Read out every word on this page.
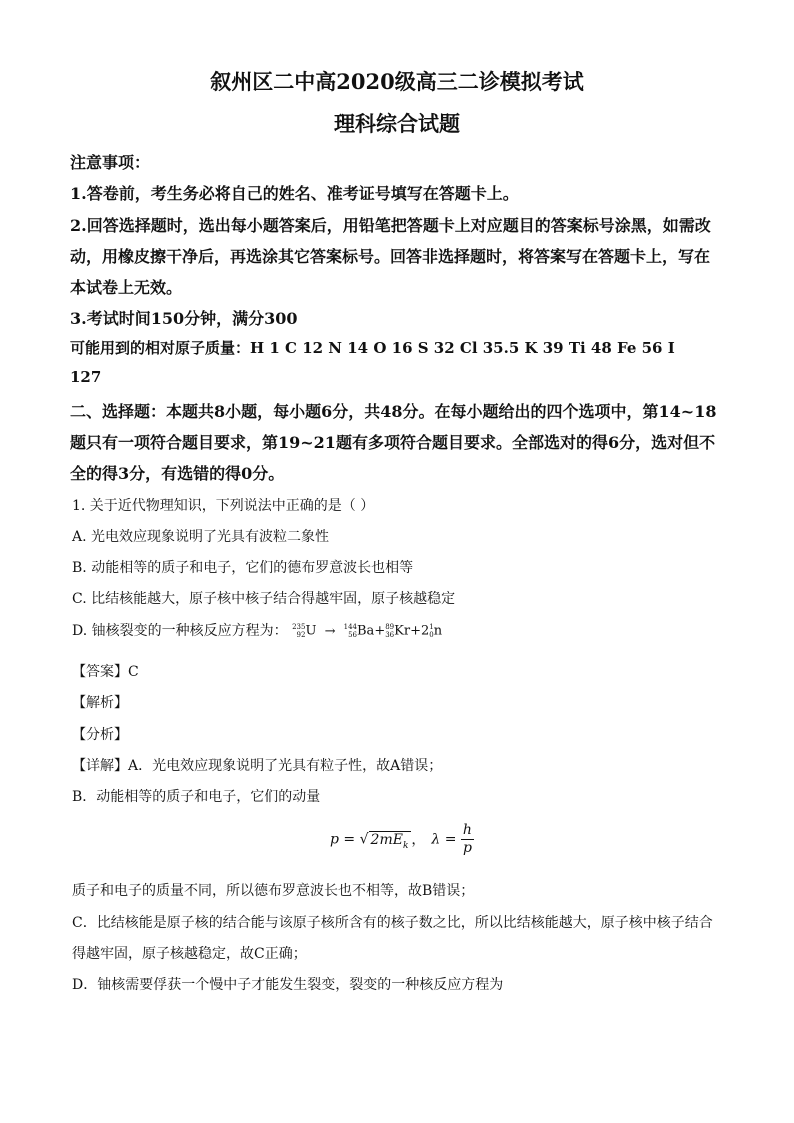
叙州区二中高2020级高三二诊模拟考试
理科综合试题
注意事项：
1.答卷前，考生务必将自己的姓名、准考证号填写在答题卡上。
2.回答选择题时，选出每小题答案后，用铅笔把答题卡上对应题目的答案标号涂黑，如需改
动，用橡皮擦干净后，再选涂其它答案标号。回答非选择题时，将答案写在答题卡上，写在
本试卷上无效。
3.考试时间150分钟，满分300
可能用到的相对原子质量：H 1 C 12 N 14 O 16 S 32 Cl 35.5 K 39 Ti 48 Fe 56 I
127
二、选择题：本题共8小题，每小题6分，共48分。在每小题给出的四个选项中，第14~18
题只有一项符合题目要求，第19~21题有多项符合题目要求。全部选对的得6分，选对但不
全的得3分，有选错的得0分。
1. 关于近代物理知识，下列说法中正确的是（ ）
A. 光电效应现象说明了光具有波粒二象性
B. 动能相等的质子和电子，它们的德布罗意波长也相等
C. 比结核能越大，原子核中核子结合得越牢固，原子核越稳定
D. 铀核裂变的一种核反应方程为： 235
92U → 144
56Ba+89
36Kr+21
0n
【答案】C
【解析】
【分析】
【详解】A．光电效应现象说明了光具有粒子性，故A错误；
B．动能相等的质子和电子，它们的动量
p = √ $2mE_k$ ， $\lambda = \frac{h}{p}$
质子和电子的质量不同，所以德布罗意波长也不相等，故B错误；
C．比结核能是原子核的结合能与该原子核所含有的核子数之比，所以比结核能越大，原子核中核子结合
得越牢固，原子核越稳定，故C正确；
D．铀核需要俘获一个慢中子才能发生裂变，裂变的一种核反应方程为
